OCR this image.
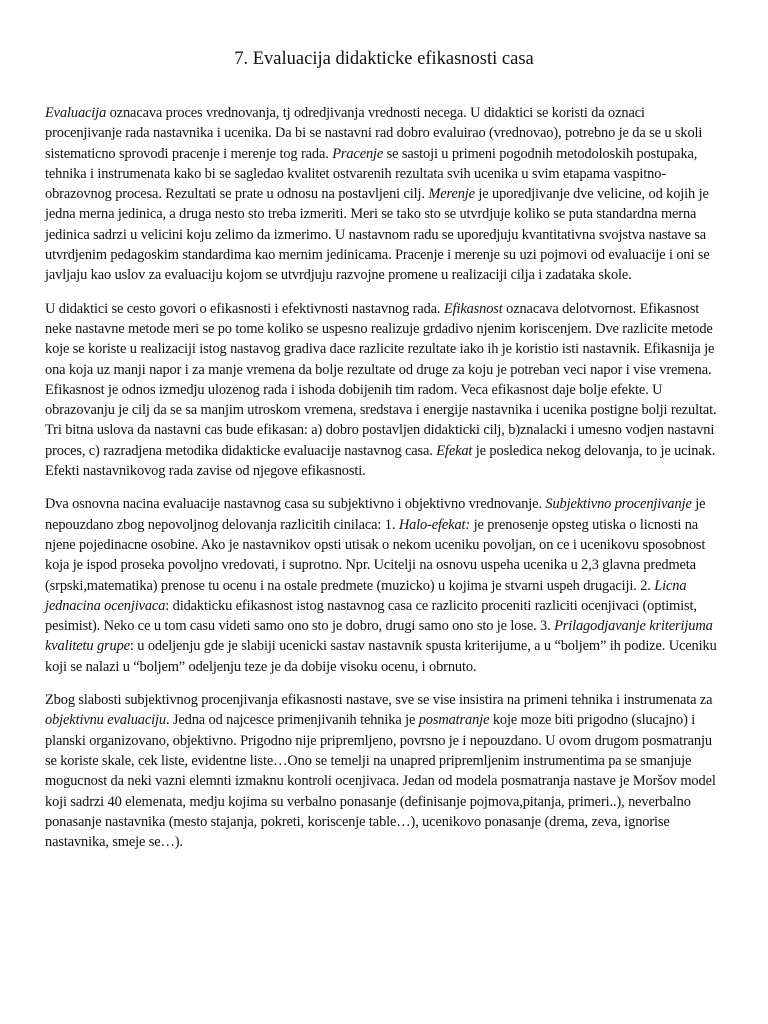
7. Evaluacija didakticke efikasnosti casa

Evaluacija oznacava proces vrednovanja, tj odredjivanja vrednosti necega. U didaktici se koristi da oznaci procenjivanje rada nastavnika i ucenika. Da bi se nastavni rad dobro evaluirao (vrednovao), potrebno je da se u skoli sistematicno sprovodi pracenje i merenje tog rada. Pracenje se sastoji u primeni pogodnih metodoloskih postupaka, tehnika i instrumenata kako bi se sagledao kvalitet ostvarenih rezultata svih ucenika u svim etapama vaspitno-obrazovnog procesa. Rezultati se prate u odnosu na postavljeni cilj. Merenje je uporedjivanje dve velicine, od kojih je jedna merna jedinica, a druga nesto sto treba izmeriti. Meri se tako sto se utvrdjuje koliko se puta standardna merna jedinica sadrzi u velicini koju zelimo da izmerimo. U nastavnom radu se uporedjuju kvantitativna svojstva nastave sa utvrdjenim pedagoskim standardima kao mernim jedinicama. Pracenje i merenje su uzi pojmovi od evaluacije i oni se javljaju kao uslov za evaluaciju kojom se utvrdjuju razvojne promene u realizaciji cilja i zadataka skole.

U didaktici se cesto govori o efikasnosti i efektivnosti nastavnog rada. Efikasnost oznacava delotvornost. Efikasnost neke nastavne metode meri se po tome koliko se uspesno realizuje grdadivo njenim koriscenjem. Dve razlicite metode koje se koriste u realizaciji istog nastavog gradiva dace razlicite rezultate iako ih je koristio isti nastavnik. Efikasnija je ona koja uz manji napor i za manje vremena da bolje rezultate od druge za koju je potreban veci napor i vise vremena. Efikasnost je odnos izmedju ulozenog rada i ishoda dobijenih tim radom. Veca efikasnost daje bolje efekte. U obrazovanju je cilj da se sa manjim utroskom vremena, sredstava i energije nastavnika i ucenika postigne bolji rezultat. Tri bitna uslova da nastavni cas bude efikasan: a) dobro postavljen didakticki cilj, b)znalacki i umesno vodjen nastavni proces, c) razradjena metodika didakticke evaluacije nastavnog casa. Efekat je posledica nekog delovanja, to je ucinak. Efekti nastavnikovog rada zavise od njegove efikasnosti.

Dva osnovna nacina evaluacije nastavnog casa su subjektivno i objektivno vrednovanje. Subjektivno procenjivanje je nepouzdano zbog nepovoljnog delovanja razlicitih cinilaca: 1. Halo-efekat: je prenosenje opsteg utiska o licnosti na njene pojedinacne osobine. Ako je nastavnikov opsti utisak o nekom uceniku povoljan, on ce i ucenikovu sposobnost koja je ispod proseka povoljno vredovati, i suprotno. Npr. Ucitelji na osnovu uspeha ucenika u 2,3 glavna predmeta (srpski,matematika) prenose tu ocenu i na ostale predmete (muzicko) u kojima je stvarni uspeh drugaciji. 2. Licna jednacina ocenjivaca: didakticku efikasnost istog nastavnog casa ce razlicito proceniti razliciti ocenjivaci (optimist, pesimist). Neko ce u tom casu videti samo ono sto je dobro, drugi samo ono sto je lose. 3. Prilagodjavanje kriterijuma kvalitetu grupe: u odeljenju gde je slabiji ucenicki sastav nastavnik spusta kriterijume, a u “boljem” ih podize. Uceniku koji se nalazi u “boljem” odeljenju teze je da dobije visoku ocenu, i obrnuto.

Zbog slabosti subjektivnog procenjivanja efikasnosti nastave, sve se vise insistira na primeni tehnika i instrumenata za objektivnu evaluaciju. Jedna od najcesce primenjivanih tehnika je posmatranje koje moze biti prigodno (slucajno) i planski organizovano, objektivno. Prigodno nije pripremljeno, povrsno je i nepouzdano. U ovom drugom posmatranju se koriste skale, cek liste, evidentne liste…Ono se temelji na unapred pripremljenim instrumentima pa se smanjuje mogucnost da neki vazni elemnti izmaknu kontroli ocenjivaca. Jedan od modela posmatranja nastave je Moršov model koji sadrzi 40 elemenata, medju kojima su verbalno ponasanje (definisanje pojmova,pitanja, primeri..), neverbalno ponasanje nastavnika (mesto stajanja, pokreti, koriscenje table…), ucenikovo ponasanje (drema, zeva, ignorise nastavnika, smeje se…).
